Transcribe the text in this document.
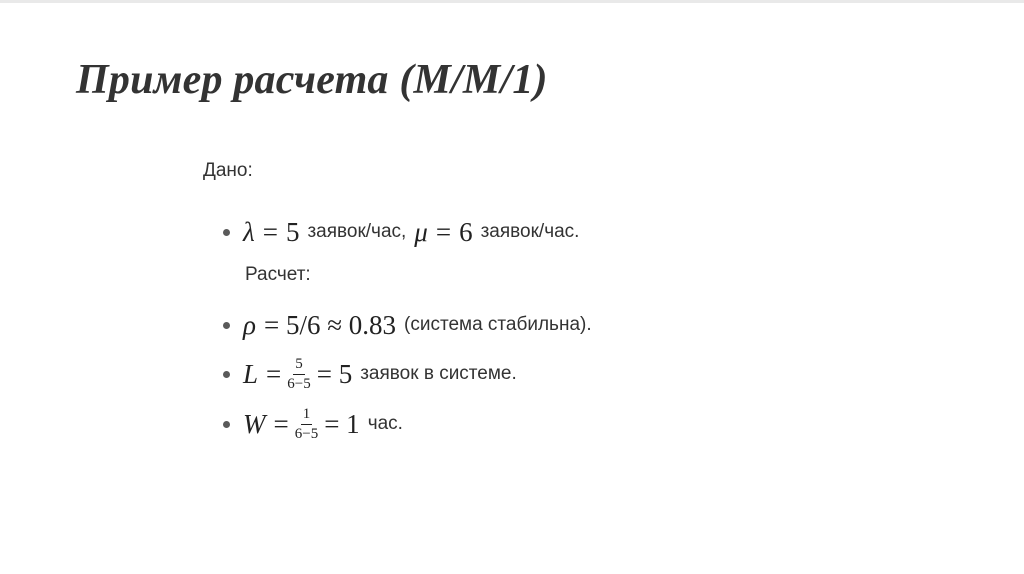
Пример расчета (M/M/1)
Дано:
λ = 5 заявок/час, μ = 6 заявок/час.
Расчет:
ρ = 5/6 ≈ 0.83 (система стабильна).
$L = \frac{5}{6-5} = 5$ заявок в системе.
$W = \frac{1}{6-5} = 1$ час.
